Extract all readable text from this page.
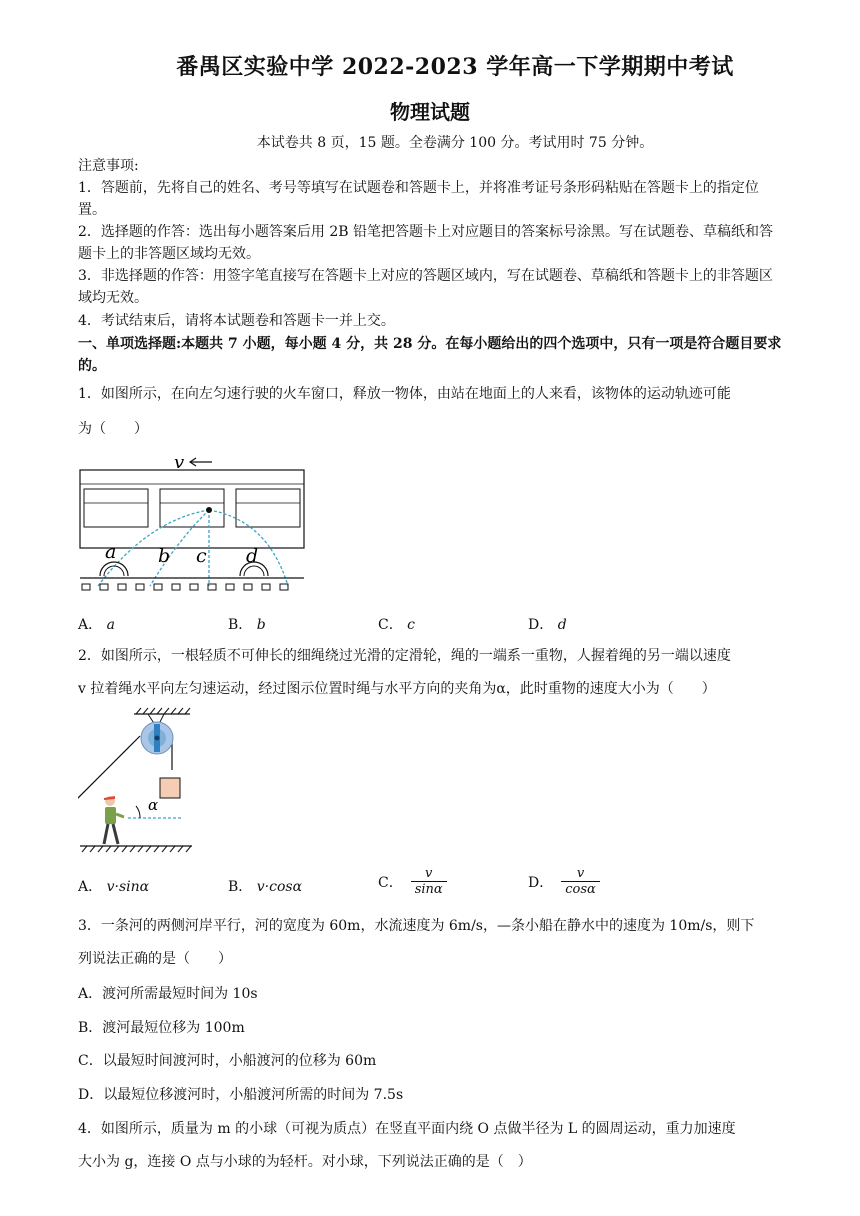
番禺区实验中学 2022-2023 学年高一下学期期中考试
物理试题
本试卷共 8 页，15 题。全卷满分 100 分。考试用时 75 分钟。
注意事项:
1．答题前，先将自己的姓名、考号等填写在试题卷和答题卡上，并将准考证号条形码粘贴在答题卡上的指定位置。
2．选择题的作答：选出每小题答案后用 2B 铅笔把答题卡上对应题目的答案标号涂黑。写在试题卷、草稿纸和答题卡上的非答题区域均无效。
3．非选择题的作答：用签字笔直接写在答题卡上对应的答题区域内，写在试题卷、草稿纸和答题卡上的非答题区域均无效。
4．考试结束后，请将本试题卷和答题卡一并上交。
一、单项选择题:本题共 7 小题，每小题 4 分，共 28 分。在每小题给出的四个选项中，只有一项是符合题目要求的。
1．如图所示，在向左匀速行驶的火车窗口，释放一物体，由站在地面上的人来看，该物体的运动轨迹可能
为（　　）
v
a b c d
A． a	B． b	C． c	D． d
2．如图所示，一根轻质不可伸长的细绳绕过光滑的定滑轮，绳的一端系一重物，人握着绳的另一端以速度
v 拉着绳水平向左匀速运动，经过图示位置时绳与水平方向的夹角为α，此时重物的速度大小为（　　）
α
A． v·sinα	B． v·cosα	C． $\frac{v}{\sin\alpha}$	D． $\frac{v}{\cos\alpha}$
3．一条河的两侧河岸平行，河的宽度为 60m，水流速度为 6m/s，—条小船在静水中的速度为 10m/s，则下
列说法正确的是（　　）
A．渡河所需最短时间为 10s
B．渡河最短位移为 100m
C．以最短时间渡河时，小船渡河的位移为 60m
D．以最短位移渡河时，小船渡河所需的时间为 7.5s
4．如图所示，质量为 m 的小球（可视为质点）在竖直平面内绕 O 点做半径为 L 的圆周运动，重力加速度
大小为 g，连接 O 点与小球的为轻杆。对小球，下列说法正确的是（　）
